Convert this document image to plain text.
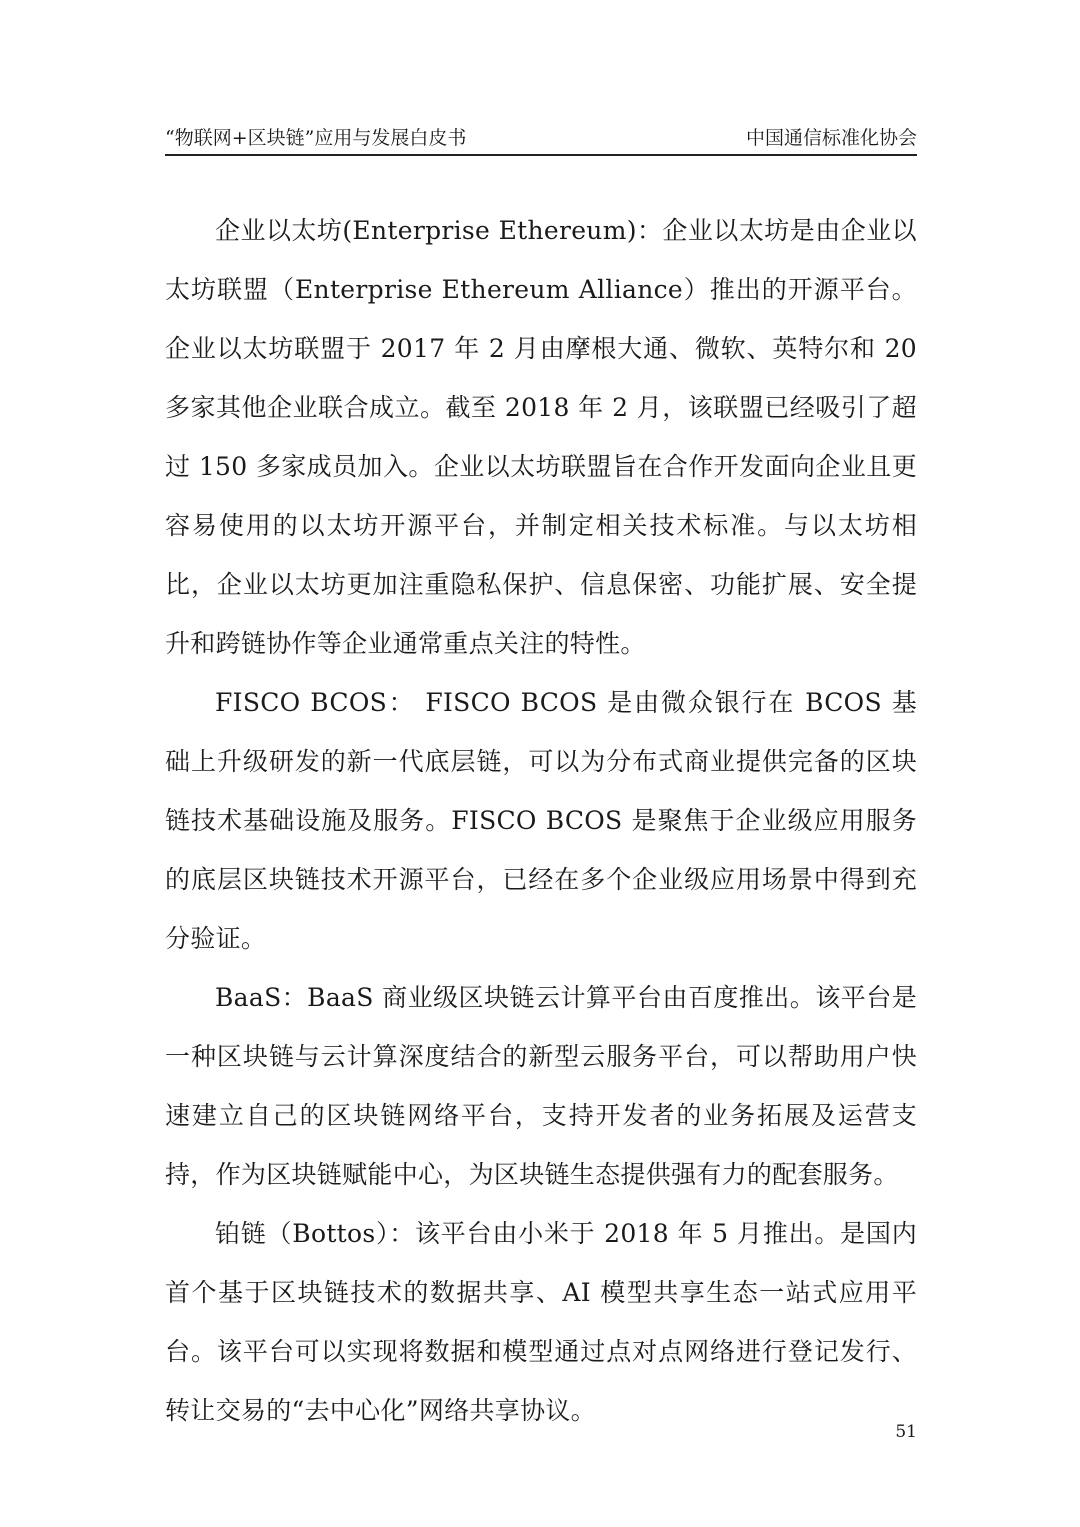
“物联网+区块链”应用与发展白皮书	中国通信标准化协会

企业以太坊(Enterprise Ethereum)：企业以太坊是由企业以太坊联盟（Enterprise Ethereum Alliance）推出的开源平台。企业以太坊联盟于 2017 年 2 月由摩根大通、微软、英特尔和 20 多家其他企业联合成立。截至 2018 年 2 月，该联盟已经吸引了超过 150 多家成员加入。企业以太坊联盟旨在合作开发面向企业且更容易使用的以太坊开源平台，并制定相关技术标准。与以太坊相比，企业以太坊更加注重隐私保护、信息保密、功能扩展、安全提升和跨链协作等企业通常重点关注的特性。

FISCO BCOS： FISCO BCOS 是由微众银行在 BCOS 基础上升级研发的新一代底层链，可以为分布式商业提供完备的区块链技术基础设施及服务。FISCO BCOS 是聚焦于企业级应用服务的底层区块链技术开源平台，已经在多个企业级应用场景中得到充分验证。

BaaS：BaaS 商业级区块链云计算平台由百度推出。该平台是一种区块链与云计算深度结合的新型云服务平台，可以帮助用户快速建立自己的区块链网络平台，支持开发者的业务拓展及运营支持，作为区块链赋能中心，为区块链生态提供强有力的配套服务。

铂链（Bottos）：该平台由小米于 2018 年 5 月推出。是国内首个基于区块链技术的数据共享、AI 模型共享生态一站式应用平台。该平台可以实现将数据和模型通过点对点网络进行登记发行、转让交易的“去中心化”网络共享协议。

51
